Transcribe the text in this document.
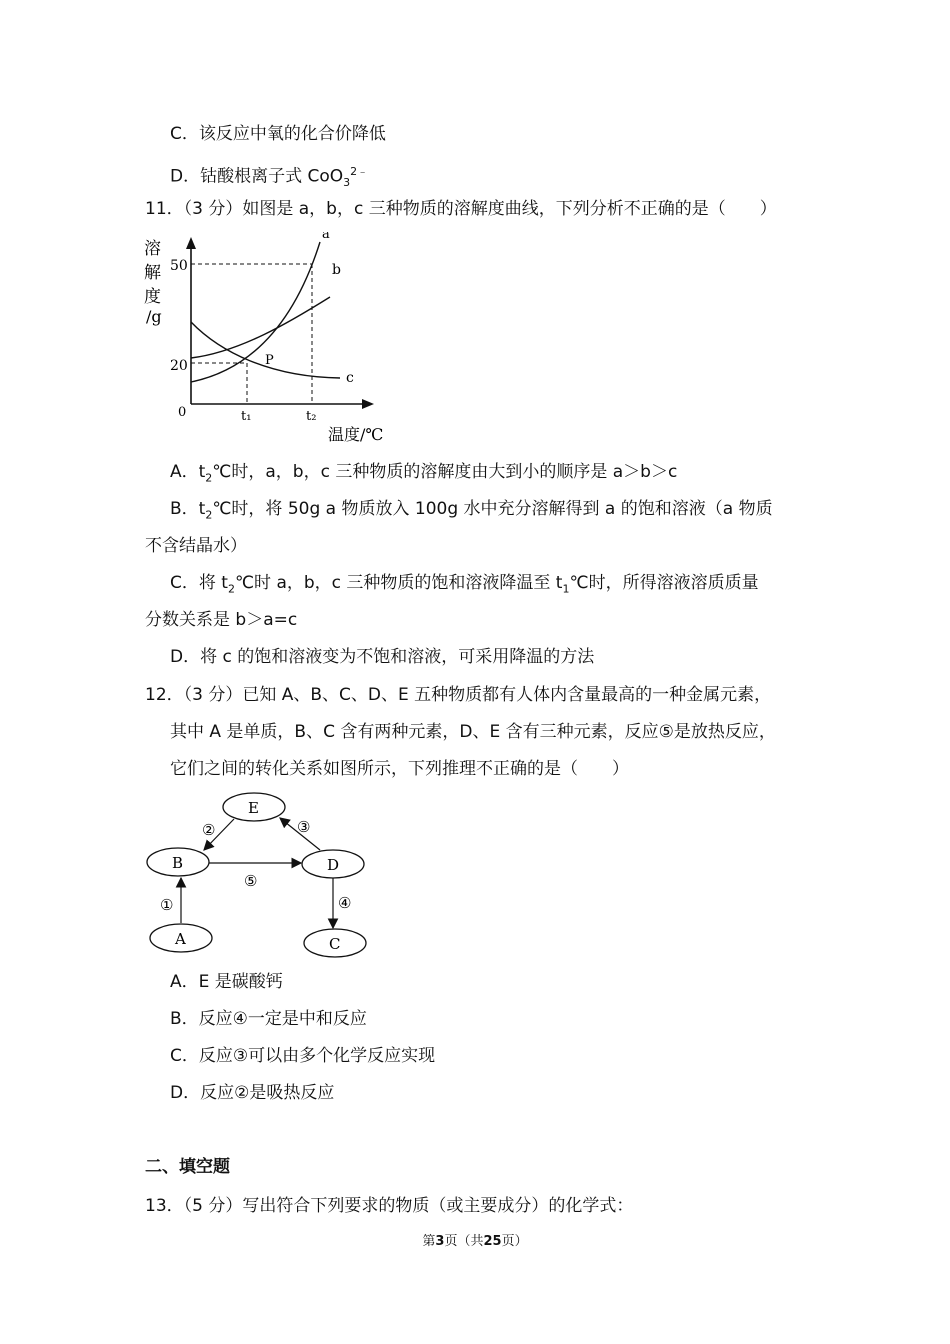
C．该反应中氧的化合价降低
D．钴酸根离子式 CoO$_3^{2﹣}$
11．（3 分）如图是 a，b，c 三种物质的溶解度曲线，下列分析不正确的是（　　）
溶
解
度
/g
0
50
20
t₁	t₂
a
b
c
P
温度/℃
A．$t_2℃$时，a，b，c 三种物质的溶解度由大到小的顺序是 a＞b＞c
B．$t_2℃$时，将 50g a 物质放入 100g 水中充分溶解得到 a 的饱和溶液（a 物质
不含结晶水）
C．将 $t_2℃$时 a，b，c 三种物质的饱和溶液降温至 $t_1℃$时，所得溶液溶质质量
分数关系是 b＞a=c
D．将 c 的饱和溶液变为不饱和溶液，可采用降温的方法
12．（3 分）已知 A、B、C、D、E 五种物质都有人体内含量最高的一种金属元素，
其中 A 是单质，B、C 含有两种元素，D、E 含有三种元素，反应⑤是放热反应，
它们之间的转化关系如图所示，下列推理不正确的是（　　）
E
B	D
A	C
①
②	③
④
⑤
A．E 是碳酸钙
B．反应④一定是中和反应
C．反应③可以由多个化学反应实现
D．反应②是吸热反应
二、填空题
13．（5 分）写出符合下列要求的物质（或主要成分）的化学式：
第3页（共25页）
